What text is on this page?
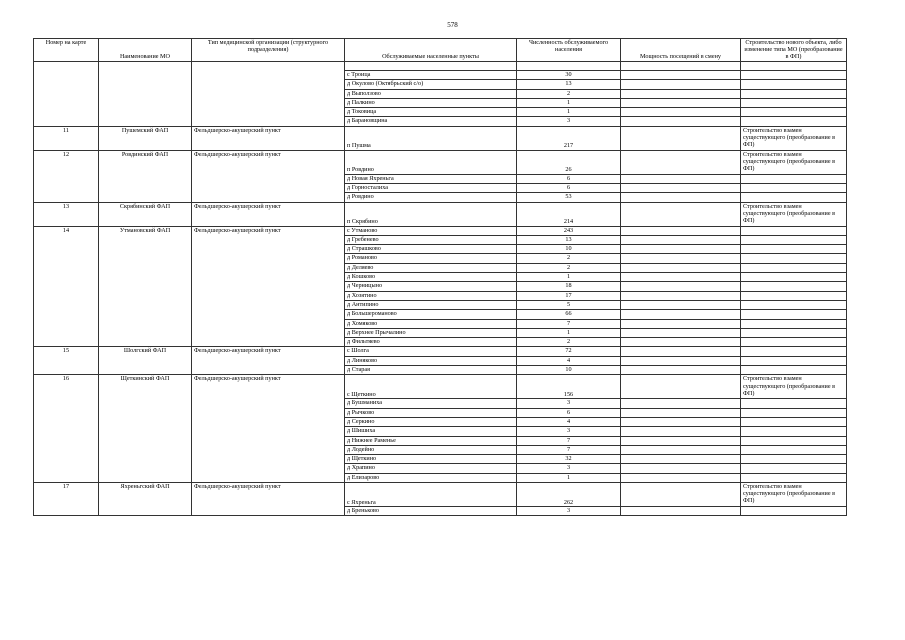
578
Номер на карте	Наименование МО	Тип медицинской организации (структурного подразделения)	Обслуживаемые населенные пункты	Численность обслуживаемого населения	Мощность посещений в смену	Строительство нового объекта, либо изменение типа МО (преобразование в ФП)

			с Троица	30		
			д Окулово (Октябрьский с/о)	13		
			д Выползово	2		
			д Палкино	1		
			д Токовица	1		
			д Барановщина	3		
11	Пушемский ФАП	Фельдшерско-акушерский пункт	п Пушма	217		Строительство взамен существующего (преобразование в ФП)
12	Ровдинский ФАП	Фельдшерско-акушерский пункт	п Ровдино	26		Строительство взамен существующего (преобразование в ФП)
			д Новая Яхреньга	6		
			д Горносталиха	6		
			д Ровдино	53		
13	Скрябинский ФАП	Фельдшерско-акушерский пункт	п Скрябино	214		Строительство взамен существующего (преобразование в ФП)
14	Утмановский ФАП	Фельдшерско-акушерский пункт	с Утманово	243		
			д Гребенево	13		
			д Страшково	10		
			д Романово	2		
			д Деляево	2		
			д Кошково	1		
			д Черницыно	18		
			д Хозятино	17		
			д Антипино	5		
			д Большероманово	66		
			д Хомяково	7		
			д Верхнее Прычалино	1		
			д Фильтяево	2		
15	Шолгский ФАП	Фельдшерско-акушерский пункт	с Шолга	72		
			д Линяково	4		
			д Старая	10		
16	Щеткинский ФАП	Фельдшерско-акушерский пункт	с Щеткино	156		Строительство взамен существующего (преобразование в ФП)
			д Бушманиха	3		
			д Рычково	6		
			д Серкино	4		
			д Шишиха	3		
			д Нижнее Раменье	7		
			д Лодейно	7		
			д Щеткино	32		
			д Храпино	3		
			д Елизарово	1		
17	Яхреньгский ФАП	Фельдшерско-акушерский пункт	с Яхреньга	262		Строительство взамен существующего (преобразование в ФП)
			д Бреньково	3		
